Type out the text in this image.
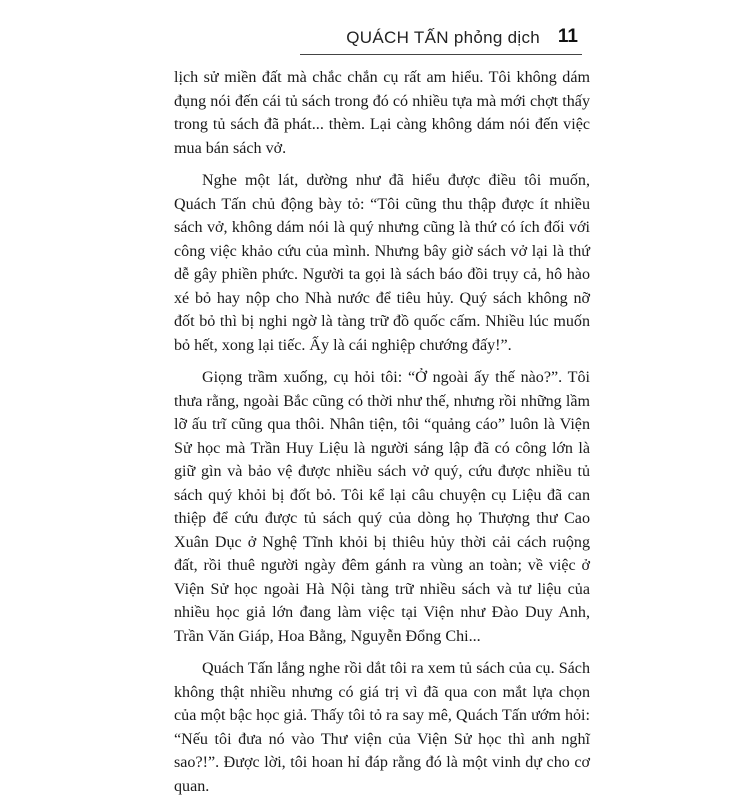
QUÁCH TẤN phỏng dịch 11

lịch sử miền đất mà chắc chắn cụ rất am hiểu. Tôi không dám đụng nói đến cái tủ sách trong đó có nhiều tựa mà mới chợt thấy trong tủ sách đã phát... thèm. Lại càng không dám nói đến việc mua bán sách vở.

Nghe một lát, dường như đã hiểu được điều tôi muốn, Quách Tấn chủ động bày tỏ: “Tôi cũng thu thập được ít nhiều sách vở, không dám nói là quý nhưng cũng là thứ có ích đối với công việc khảo cứu của mình. Nhưng bây giờ sách vở lại là thứ dễ gây phiền phức. Người ta gọi là sách báo đồi trụy cả, hô hào xé bỏ hay nộp cho Nhà nước để tiêu hủy. Quý sách không nỡ đốt bỏ thì bị nghi ngờ là tàng trữ đồ quốc cấm. Nhiều lúc muốn bỏ hết, xong lại tiếc. Ấy là cái nghiệp chướng đấy!”.

Giọng trầm xuống, cụ hỏi tôi: “Ở ngoài ấy thế nào?”. Tôi thưa rằng, ngoài Bắc cũng có thời như thế, nhưng rồi những lầm lỡ ấu trĩ cũng qua thôi. Nhân tiện, tôi “quảng cáo” luôn là Viện Sử học mà Trần Huy Liệu là người sáng lập đã có công lớn là giữ gìn và bảo vệ được nhiều sách vở quý, cứu được nhiều tủ sách quý khỏi bị đốt bỏ. Tôi kể lại câu chuyện cụ Liệu đã can thiệp để cứu được tủ sách quý của dòng họ Thượng thư Cao Xuân Dục ở Nghệ Tĩnh khỏi bị thiêu hủy thời cải cách ruộng đất, rồi thuê người ngày đêm gánh ra vùng an toàn; về việc ở Viện Sử học ngoài Hà Nội tàng trữ nhiều sách và tư liệu của nhiều học giả lớn đang làm việc tại Viện như Đào Duy Anh, Trần Văn Giáp, Hoa Bằng, Nguyễn Đổng Chi...

Quách Tấn lắng nghe rồi dắt tôi ra xem tủ sách của cụ. Sách không thật nhiều nhưng có giá trị vì đã qua con mắt lựa chọn của một bậc học giả. Thấy tôi tỏ ra say mê, Quách Tấn ướm hỏi: “Nếu tôi đưa nó vào Thư viện của Viện Sử học thì anh nghĩ sao?!”. Được lời, tôi hoan hỉ đáp rằng đó là một vinh dự cho cơ quan.
